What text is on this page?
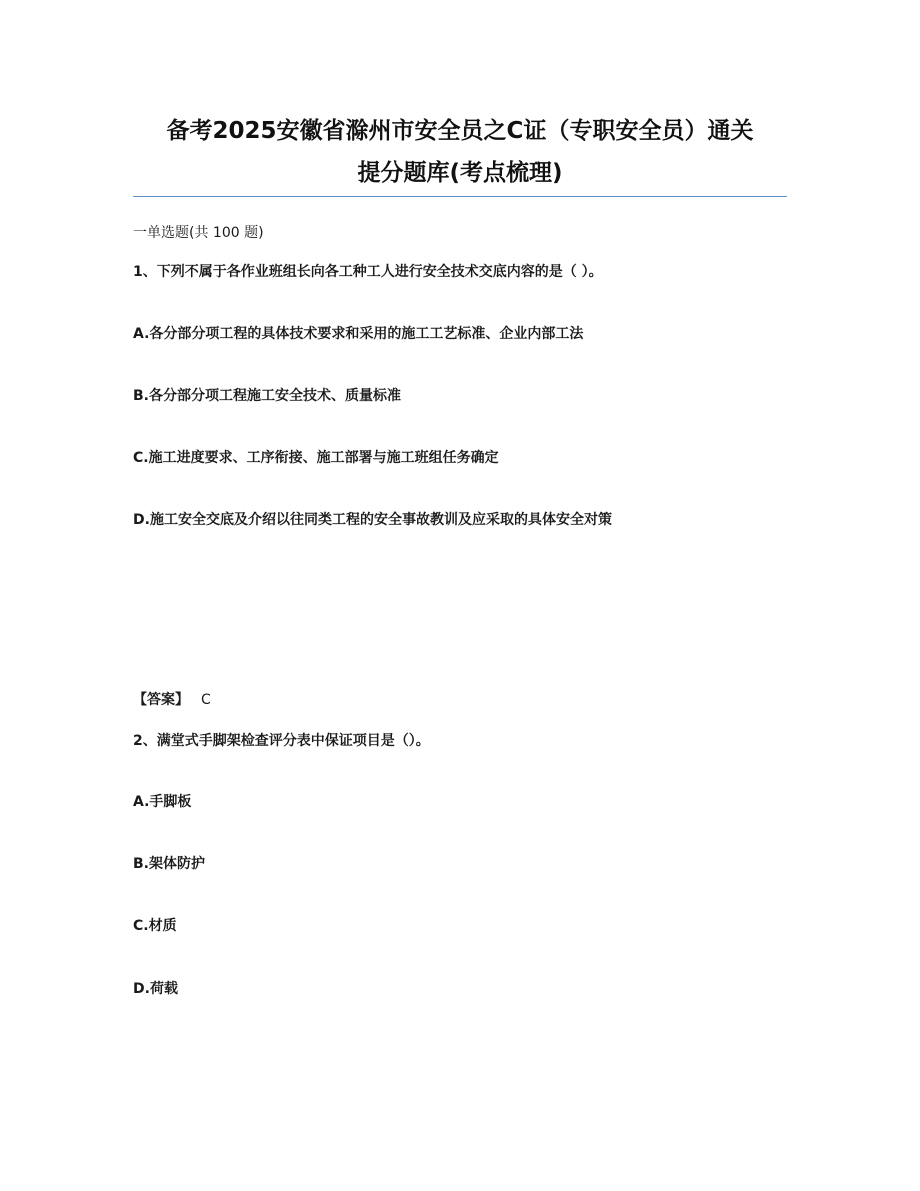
备考2025安徽省滁州市安全员之C证（专职安全员）通关
提分题库(考点梳理)
一单选题(共 100 题)
1、下列不属于各作业班组长向各工种工人进行安全技术交底内容的是（ ）。
A.各分部分项工程的具体技术要求和采用的施工工艺标准、企业内部工法
B.各分部分项工程施工安全技术、质量标准
C.施工进度要求、工序衔接、施工部署与施工班组任务确定
D.施工安全交底及介绍以往同类工程的安全事故教训及应采取的具体安全对策
【答案】 C
2、满堂式手脚架检查评分表中保证项目是（）。
A.手脚板
B.架体防护
C.材质
D.荷载
